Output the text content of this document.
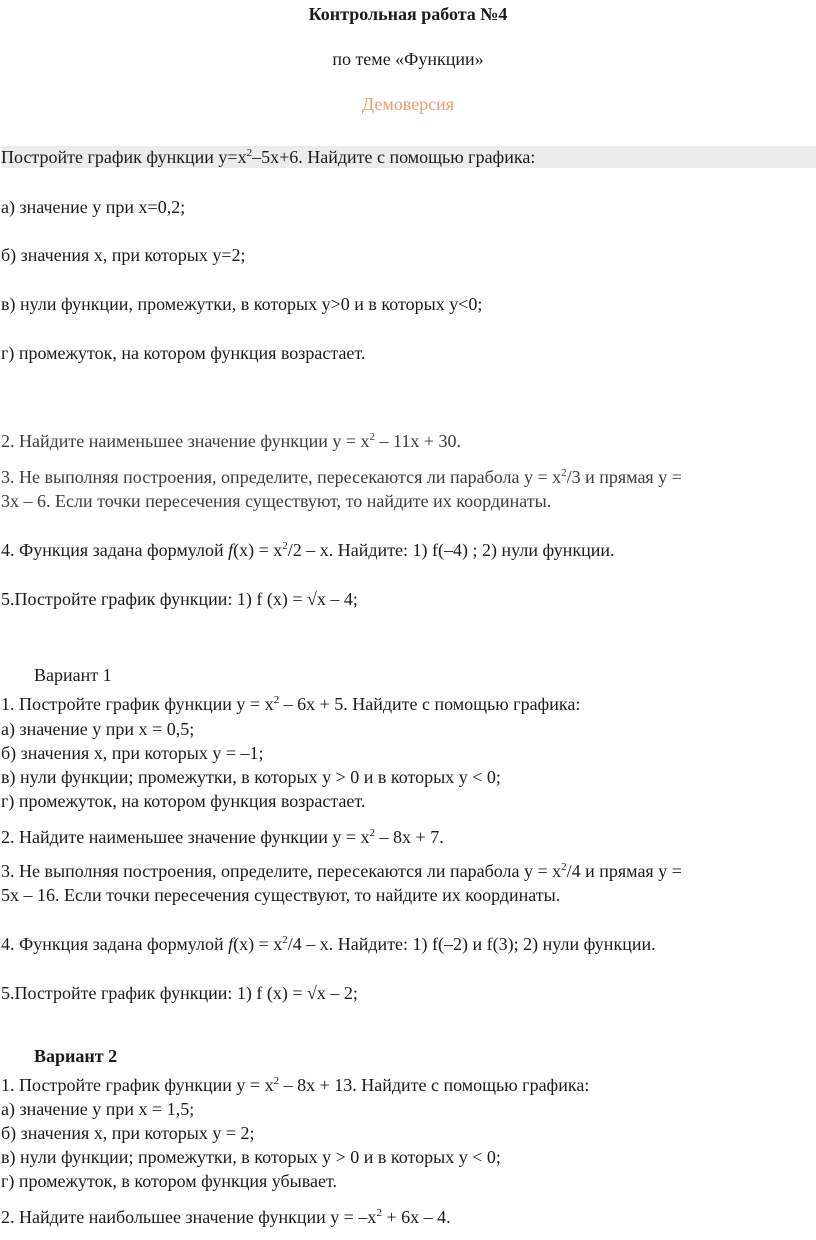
Контрольная работа №4
по теме «Функции»
Демоверсия
Постройте график функции $y=x^2-5x+6$. Найдите с помощью графика:
а) значение y при x=0,2;
б) значения x, при которых y=2;
в) нули функции, промежутки, в которых y>0 и в которых y<0;
г) промежуток, на котором функция возрастает.
2. Найдите наименьшее значение функции $y = x^2 - 11x + 30$.
3. Не выполняя построения, определите, пересекаются ли парабола $y = x^2/3$ и прямая y =
3x – 6. Если точки пересечения существуют, то найдите их координаты.
4. Функция задана формулой $f(x) = x^2/2 - x$. Найдите: 1) f(–4) ; 2) нули функции.
5.Постройте график функции: 1) f (x) = √x – 4;
Вариант 1
1. Постройте график функции $y = x^2 - 6x + 5$. Найдите с помощью графика:
а) значение y при x = 0,5;
б) значения x, при которых y = –1;
в) нули функции; промежутки, в которых y > 0 и в которых y < 0;
г) промежуток, на котором функция возрастает.
2. Найдите наименьшее значение функции $y = x^2 - 8x + 7$.
3. Не выполняя построения, определите, пересекаются ли парабола $y = x^2/4$ и прямая y =
5x – 16. Если точки пересечения существуют, то найдите их координаты.
4. Функция задана формулой $f(x) = x^2/4 - x$. Найдите: 1) f(–2) и f(3); 2) нули функции.
5.Постройте график функции: 1) f (x) = √x – 2;
Вариант 2
1. Постройте график функции $y = x^2 - 8x + 13$. Найдите с помощью графика:
а) значение y при x = 1,5;
б) значения x, при которых y = 2;
в) нули функции; промежутки, в которых y > 0 и в которых y < 0;
г) промежуток, в котором функция убывает.
2. Найдите наибольшее значение функции $y = -x^2 + 6x - 4$.
